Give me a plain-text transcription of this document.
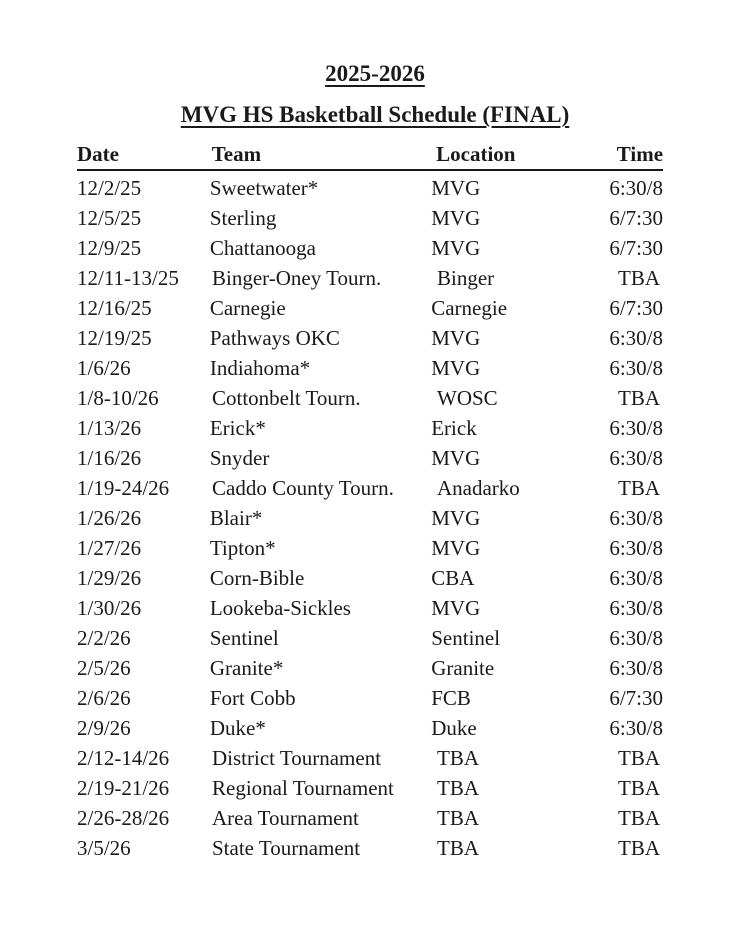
2025-2026
MVG HS Basketball Schedule (FINAL)
Date	Team	Location	Time
12/2/25	Sweetwater*	MVG	6:30/8
12/5/25	Sterling	MVG	6/7:30
12/9/25	Chattanooga	MVG	6/7:30
12/11-13/25	Binger-Oney Tourn.	Binger	TBA
12/16/25	Carnegie	Carnegie	6/7:30
12/19/25	Pathways OKC	MVG	6:30/8
1/6/26	Indiahoma*	MVG	6:30/8
1/8-10/26	Cottonbelt Tourn.	WOSC	TBA
1/13/26	Erick*	Erick	6:30/8
1/16/26	Snyder	MVG	6:30/8
1/19-24/26	Caddo County Tourn.	Anadarko	TBA
1/26/26	Blair*	MVG	6:30/8
1/27/26	Tipton*	MVG	6:30/8
1/29/26	Corn-Bible	CBA	6:30/8
1/30/26	Lookeba-Sickles	MVG	6:30/8
2/2/26	Sentinel	Sentinel	6:30/8
2/5/26	Granite*	Granite	6:30/8
2/6/26	Fort Cobb	FCB	6/7:30
2/9/26	Duke*	Duke	6:30/8
2/12-14/26	District Tournament	TBA	TBA
2/19-21/26	Regional Tournament	TBA	TBA
2/26-28/26	Area Tournament	TBA	TBA
3/5/26	State Tournament	TBA	TBA
